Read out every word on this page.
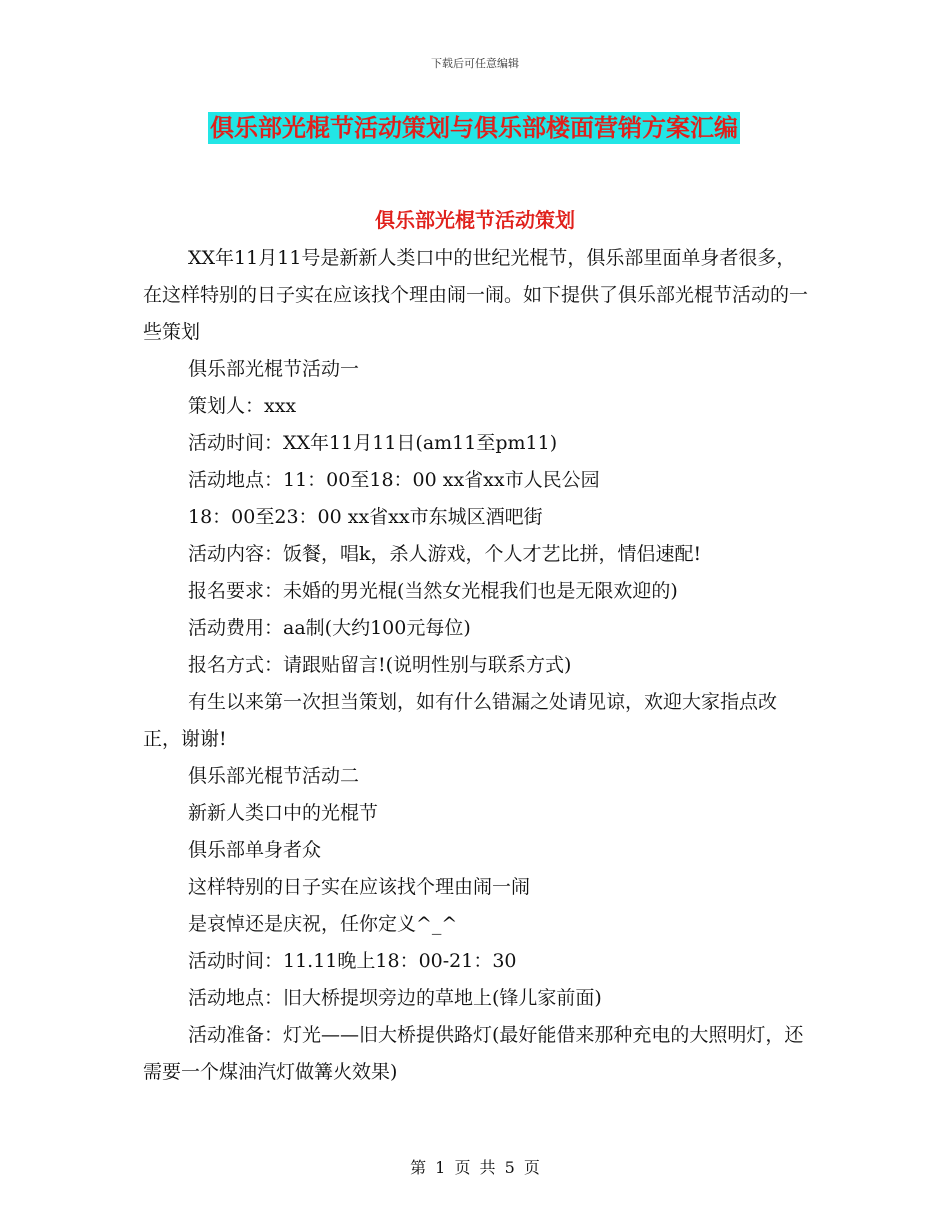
下载后可任意编辑
俱乐部光棍节活动策划与俱乐部楼面营销方案汇编
俱乐部光棍节活动策划

XX年11月11号是新新人类口中的世纪光棍节，俱乐部里面单身者很多，在这样特别的日子实在应该找个理由闹一闹。如下提供了俱乐部光棍节活动的一些策划

俱乐部光棍节活动一

策划人：xxx

活动时间：XX年11月11日(am11至pm11)

活动地点：11：00至18：00 xx省xx市人民公园

18：00至23：00 xx省xx市东城区酒吧街

活动内容：饭餐，唱k，杀人游戏，个人才艺比拼，情侣速配!

报名要求：未婚的男光棍(当然女光棍我们也是无限欢迎的)

活动费用：aa制(大约100元每位)

报名方式：请跟贴留言!(说明性别与联系方式)

有生以来第一次担当策划，如有什么错漏之处请见谅，欢迎大家指点改正，谢谢!

俱乐部光棍节活动二

新新人类口中的光棍节

俱乐部单身者众

这样特别的日子实在应该找个理由闹一闹

是哀悼还是庆祝，任你定义^_^

活动时间：11.11晚上18：00-21：30

活动地点：旧大桥提坝旁边的草地上(锋儿家前面)

活动准备：灯光——旧大桥提供路灯(最好能借来那种充电的大照明灯，还需要一个煤油汽灯做篝火效果)

第 1 页 共 5 页
